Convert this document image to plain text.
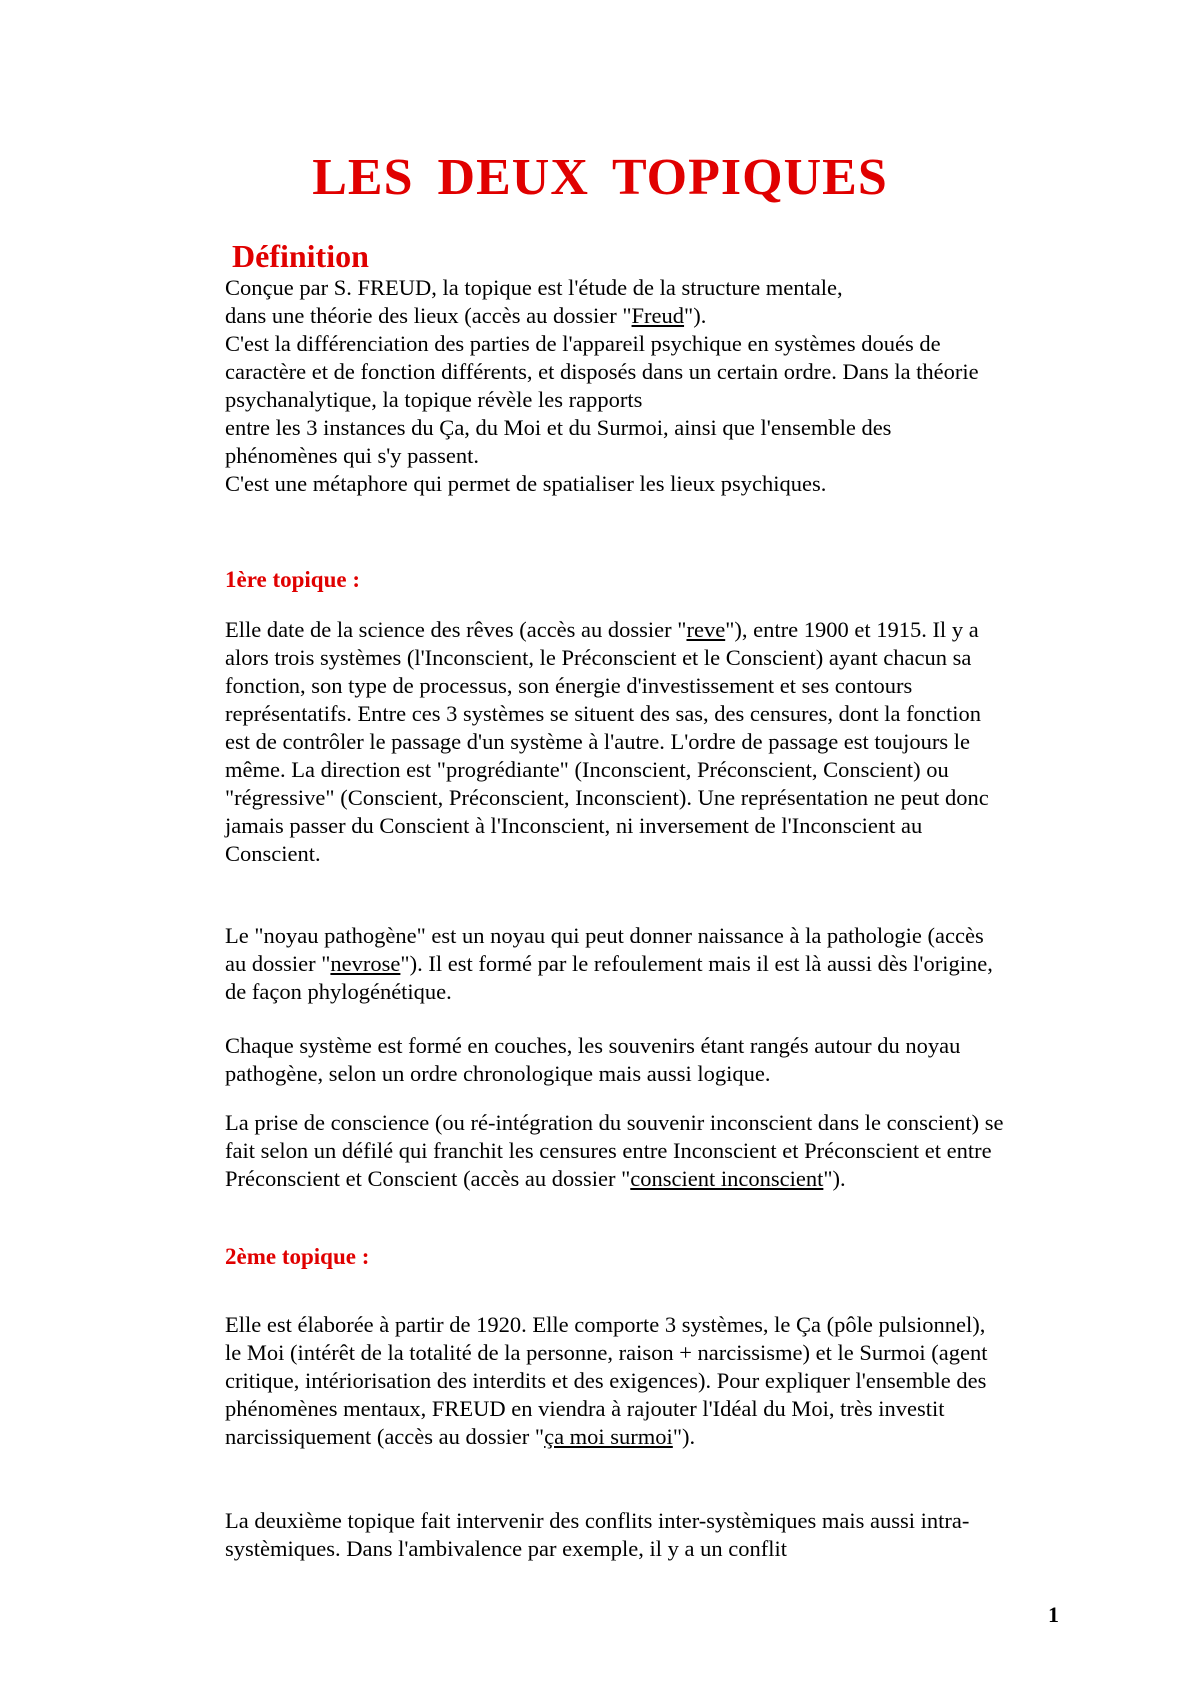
LES DEUX TOPIQUES
Définition

Conçue par S. FREUD, la topique est l'étude de la structure mentale,
dans une théorie des lieux (accès au dossier "Freud").
C'est la différenciation des parties de l'appareil psychique en systèmes doués de caractère et de fonction différents, et disposés dans un certain ordre. Dans la théorie psychanalytique, la topique révèle les rapports

entre les 3 instances du Ça, du Moi et du Surmoi, ainsi que l'ensemble des phénomènes qui s'y passent.
C'est une métaphore qui permet de spatialiser les lieux psychiques.

1ère topique :

Elle date de la science des rêves (accès au dossier "reve"), entre 1900 et 1915. Il y a alors trois systèmes (l'Inconscient, le Préconscient et le Conscient) ayant chacun sa fonction, son type de processus, son énergie d'investissement et ses contours représentatifs. Entre ces 3 systèmes se situent des sas, des censures, dont la fonction est de contrôler le passage d'un système à l'autre. L'ordre de passage est toujours le même. La direction est "progrédiante" (Inconscient, Préconscient, Conscient) ou "régressive" (Conscient, Préconscient, Inconscient). Une représentation ne peut donc jamais passer du Conscient à l'Inconscient, ni inversement de l'Inconscient au Conscient.

Le "noyau pathogène" est un noyau qui peut donner naissance à la pathologie (accès au dossier "nevrose"). Il est formé par le refoulement mais il est là aussi dès l'origine, de façon phylogénétique.

Chaque système est formé en couches, les souvenirs étant rangés autour du noyau pathogène, selon un ordre chronologique mais aussi logique.

La prise de conscience (ou ré-intégration du souvenir inconscient dans le conscient) se fait selon un défilé qui franchit les censures entre Inconscient et Préconscient et entre Préconscient et Conscient (accès au dossier "conscient inconscient").

2ème topique :

Elle est élaborée à partir de 1920. Elle comporte 3 systèmes, le Ça (pôle pulsionnel), le Moi (intérêt de la totalité de la personne, raison + narcissisme) et le Surmoi (agent critique, intériorisation des interdits et des exigences). Pour expliquer l'ensemble des phénomènes mentaux, FREUD en viendra à rajouter l'Idéal du Moi, très investit narcissiquement (accès au dossier "ça moi surmoi").

La deuxième topique fait intervenir des conflits inter-systèmiques mais aussi intra-systèmiques. Dans l'ambivalence par exemple, il y a un conflit

1
